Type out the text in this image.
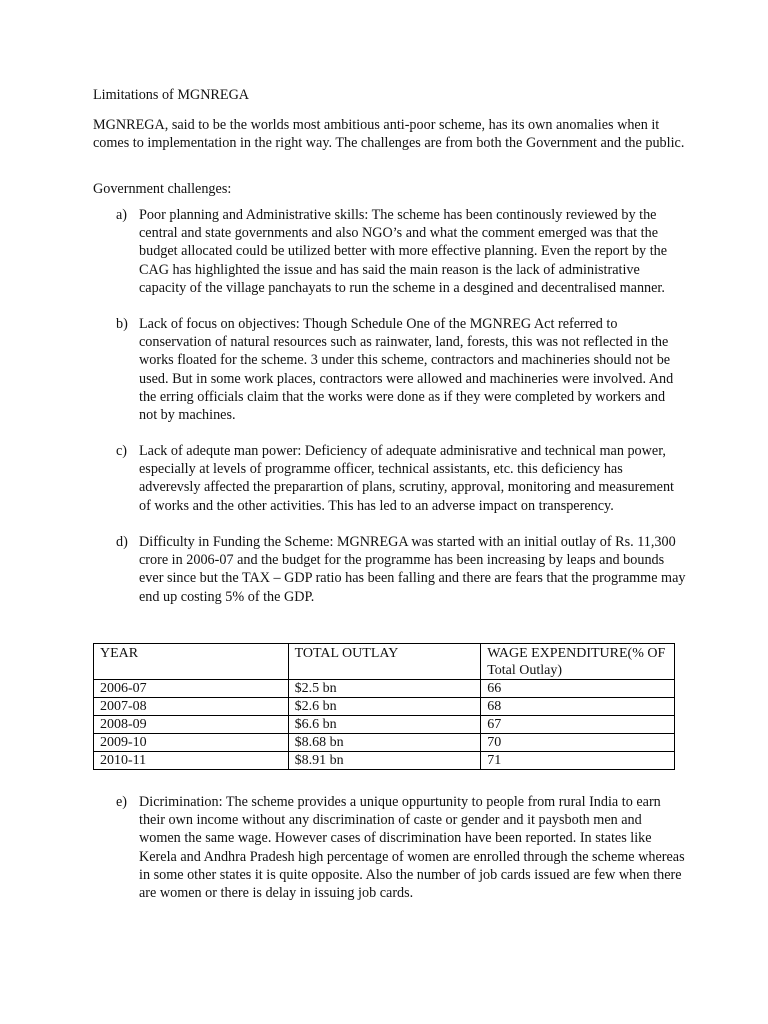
Limitations of MGNREGA
MGNREGA, said to be the worlds most ambitious anti-poor scheme, has its own anomalies when it comes to implementation in the right way. The challenges are from both the Government and the public.
Government challenges:
a) Poor planning and Administrative skills: The scheme has been continously reviewed by the central and state governments and also NGO’s and what the comment emerged was that the budget allocated could be utilized better with more effective planning. Even the report by the CAG has highlighted the issue and has said the main reason is the lack of administrative capacity of the village panchayats to run the scheme in a desgined and decentralised manner.
b) Lack of focus on objectives: Though Schedule One of the MGNREG Act referred to conservation of natural resources such as rainwater, land, forests, this was not reflected in the works floated for the scheme. 3 under this scheme, contractors and machineries should not be used. But in some work places, contractors were allowed and machineries were involved. And the erring officials claim that the works were done as if they were completed by workers and not by machines.
c) Lack of adequte man power: Deficiency of adequate adminisrative and technical man power, especially at levels of programme officer, technical assistants, etc. this deficiency has adverevsly affected the preparartion of plans, scrutiny, approval, monitoring and measurement of works and the other activities. This has led to an adverse impact on transperency.
d) Difficulty in Funding the Scheme: MGNREGA was started with an initial outlay of Rs. 11,300 crore in 2006-07 and the budget for the programme has been increasing by leaps and bounds ever since but the TAX – GDP ratio has been falling and there are fears that the programme may end up costing 5% of the GDP.
YEAR	TOTAL OUTLAY	WAGE EXPENDITURE(% OF Total Outlay)
2006-07	$2.5 bn	66
2007-08	$2.6 bn	68
2008-09	$6.6 bn	67
2009-10	$8.68 bn	70
2010-11	$8.91 bn	71
e) Dicrimination: The scheme provides a unique oppurtunity to people from rural India to earn their own income without any discrimination of caste or gender and it paysboth men and women the same wage. However cases of discrimination have been reported. In states like Kerela and Andhra Pradesh high percentage of women are enrolled through the scheme whereas in some other states it is quite opposite. Also the number of job cards issued are few when there are women or there is delay in issuing job cards.
